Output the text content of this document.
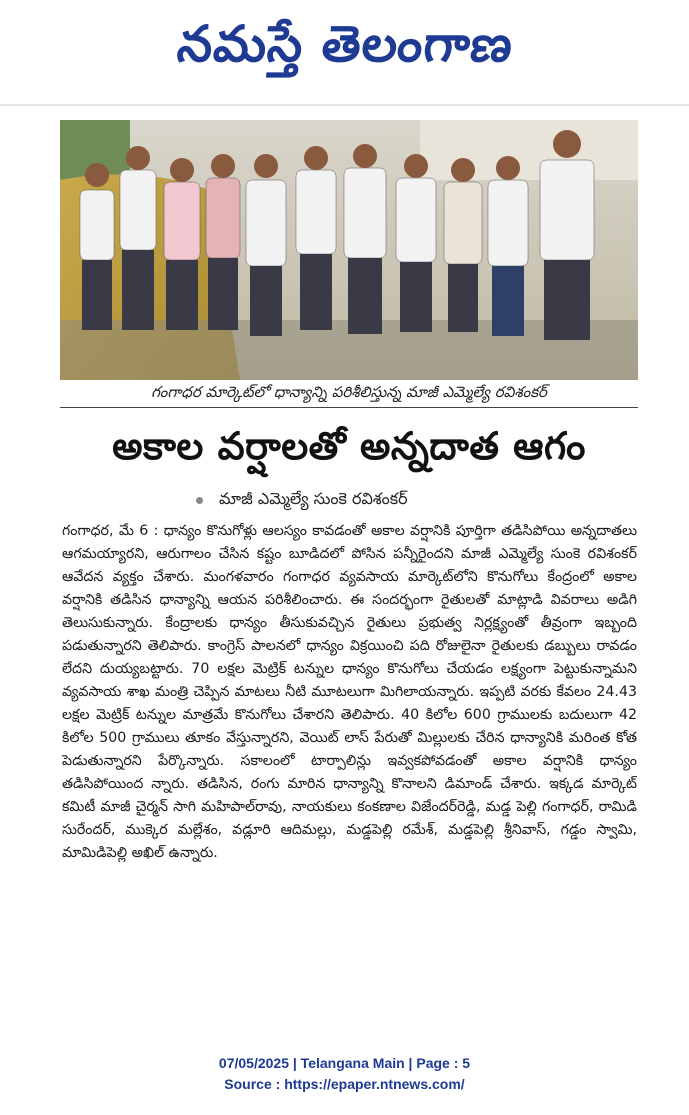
నమస్తే తెలంగాణ
గంగాధర మార్కెట్‌లో ధాన్యాన్ని పరిశీలిస్తున్న మాజీ ఎమ్మెల్యే రవిశంకర్
అకాల వర్షాలతో అన్నదాత ఆగం
మాజీ ఎమ్మెల్యే సుంకె రవిశంకర్
గంగాధర, మే 6 : ధాన్యం కొనుగోళ్లు ఆలస్యం కావడంతో అకాల వర్షానికి పూర్తిగా తడిసిపోయి అన్నదాతలు ఆగమయ్యారని, ఆరుగాలం చేసిన కష్టం బూడిదలో పోసిన పన్నీరైందని మాజీ ఎమ్మెల్యే సుంకె రవిశంకర్ ఆవేదన వ్యక్తం చేశారు. మంగళవారం గంగాధర వ్యవసాయ మార్కెట్‌లోని కొనుగోలు కేంద్రంలో అకాల వర్షానికి తడిసిన ధాన్యాన్ని ఆయన పరిశీలించారు. ఈ సందర్భంగా రైతులతో మాట్లాడి వివరాలు అడిగి తెలుసుకున్నారు. కేంద్రాలకు ధాన్యం తీసుకువచ్చిన రైతులు ప్రభుత్వ నిర్లక్ష్యంతో తీవ్రంగా ఇబ్బంది పడుతున్నారని తెలిపారు. కాంగ్రెస్ పాలనలో ధాన్యం విక్రయించి పది రోజులైనా రైతులకు డబ్బులు రావడం లేదని దుయ్యబట్టారు. 70 లక్షల మెట్రిక్ టన్నుల ధాన్యం కొనుగోలు చేయడం లక్ష్యంగా పెట్టుకున్నామని వ్యవసాయ శాఖ మంత్రి చెప్పిన మాటలు నీటి మూటలుగా మిగిలాయన్నారు. ఇప్పటి వరకు కేవలం 24.43 లక్షల మెట్రిక్ టన్నుల మాత్రమే కొనుగోలు చేశారని తెలిపారు. 40 కిలోల 600 గ్రాములకు బదులుగా 42 కిలోల 500 గ్రాములు తూకం వేస్తున్నారని, వెయిట్ లాస్ పేరుతో మిల్లులకు చేరిన ధాన్యానికి మరింత కోత పెడుతున్నారని పేర్కొన్నారు. సకాలంలో టార్పాలిన్లు ఇవ్వకపోవడంతో అకాల వర్షానికి ధాన్యం తడిసిపోయింద న్నారు. తడిసిన, రంగు మారిన ధాన్యాన్ని కొనాలని డిమాండ్ చేశారు. ఇక్కడ మార్కెట్ కమిటీ మాజీ చైర్మన్ సాగి మహిపాల్‌రావు, నాయకులు కంకణాల విజేందర్‌రెడ్డి, మడ్డ పెల్లి గంగాధర్, రామిడి సురేందర్, ముక్కెర మల్లేశం, వడ్లూరి ఆదిమల్లు, మడ్డపెల్లి రమేశ్, మడ్డపెల్లి శ్రీనివాస్, గడ్డం స్వామి, మామిడిపెల్లి అఖిల్ ఉన్నారు.
07/05/2025 | Telangana Main | Page : 5
Source : https://epaper.ntnews.com/
